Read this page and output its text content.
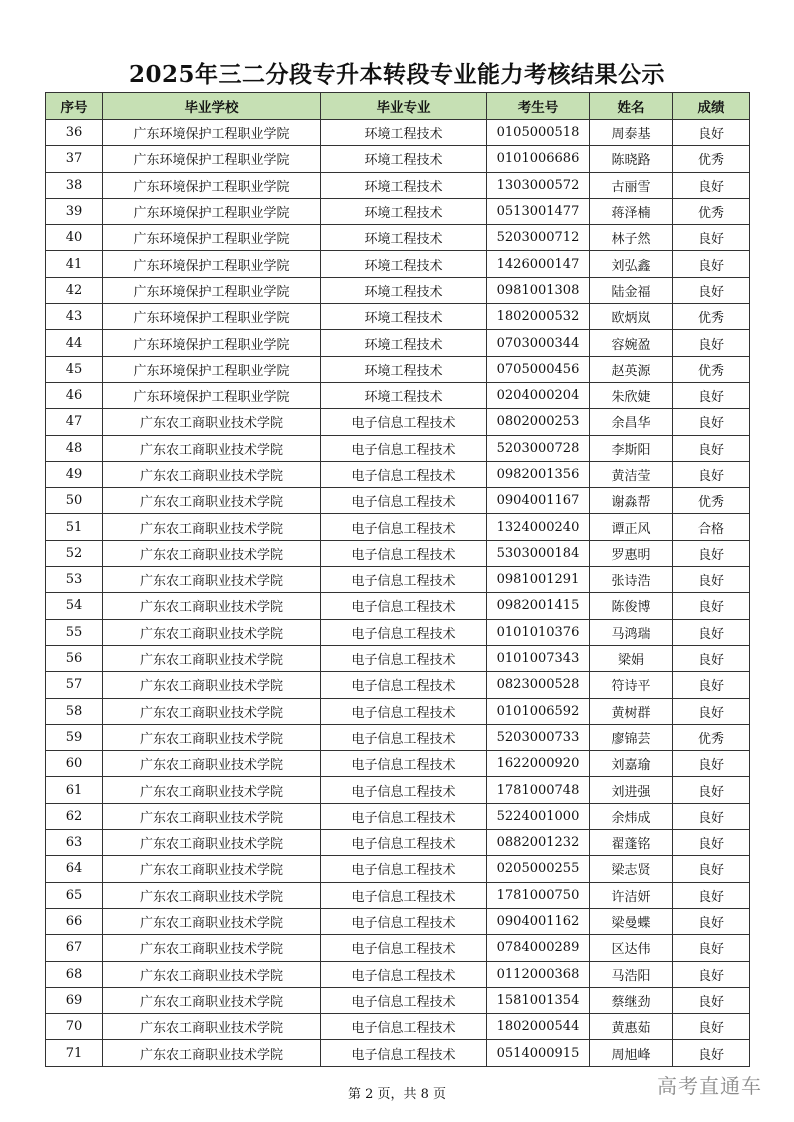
2025年三二分段专升本转段专业能力考核结果公示
序号	毕业学校	毕业专业	考生号	姓名	成绩
36	广东环境保护工程职业学院	环境工程技术	0105000518	周泰基	良好
37	广东环境保护工程职业学院	环境工程技术	0101006686	陈晓路	优秀
38	广东环境保护工程职业学院	环境工程技术	1303000572	古丽雪	良好
39	广东环境保护工程职业学院	环境工程技术	0513001477	蒋泽楠	优秀
40	广东环境保护工程职业学院	环境工程技术	5203000712	林子然	良好
41	广东环境保护工程职业学院	环境工程技术	1426000147	刘弘鑫	良好
42	广东环境保护工程职业学院	环境工程技术	0981001308	陆金福	良好
43	广东环境保护工程职业学院	环境工程技术	1802000532	欧炳岚	优秀
44	广东环境保护工程职业学院	环境工程技术	0703000344	容婉盈	良好
45	广东环境保护工程职业学院	环境工程技术	0705000456	赵英源	优秀
46	广东环境保护工程职业学院	环境工程技术	0204000204	朱欣婕	良好
47	广东农工商职业技术学院	电子信息工程技术	0802000253	余昌华	良好
48	广东农工商职业技术学院	电子信息工程技术	5203000728	李斯阳	良好
49	广东农工商职业技术学院	电子信息工程技术	0982001356	黄洁莹	良好
50	广东农工商职业技术学院	电子信息工程技术	0904001167	谢淼帮	优秀
51	广东农工商职业技术学院	电子信息工程技术	1324000240	谭正风	合格
52	广东农工商职业技术学院	电子信息工程技术	5303000184	罗惠明	良好
53	广东农工商职业技术学院	电子信息工程技术	0981001291	张诗浩	良好
54	广东农工商职业技术学院	电子信息工程技术	0982001415	陈俊博	良好
55	广东农工商职业技术学院	电子信息工程技术	0101010376	马鸿瑞	良好
56	广东农工商职业技术学院	电子信息工程技术	0101007343	梁娟	良好
57	广东农工商职业技术学院	电子信息工程技术	0823000528	符诗平	良好
58	广东农工商职业技术学院	电子信息工程技术	0101006592	黄树群	良好
59	广东农工商职业技术学院	电子信息工程技术	5203000733	廖锦芸	优秀
60	广东农工商职业技术学院	电子信息工程技术	1622000920	刘嘉瑜	良好
61	广东农工商职业技术学院	电子信息工程技术	1781000748	刘进强	良好
62	广东农工商职业技术学院	电子信息工程技术	5224001000	余炜成	良好
63	广东农工商职业技术学院	电子信息工程技术	0882001232	翟蓬铭	良好
64	广东农工商职业技术学院	电子信息工程技术	0205000255	梁志贤	良好
65	广东农工商职业技术学院	电子信息工程技术	1781000750	许洁妍	良好
66	广东农工商职业技术学院	电子信息工程技术	0904001162	梁曼蝶	良好
67	广东农工商职业技术学院	电子信息工程技术	0784000289	区达伟	良好
68	广东农工商职业技术学院	电子信息工程技术	0112000368	马浩阳	良好
69	广东农工商职业技术学院	电子信息工程技术	1581001354	蔡继劲	良好
70	广东农工商职业技术学院	电子信息工程技术	1802000544	黄惠茹	良好
71	广东农工商职业技术学院	电子信息工程技术	0514000915	周旭峰	良好
第 2 页，共 8 页	高考直通车
